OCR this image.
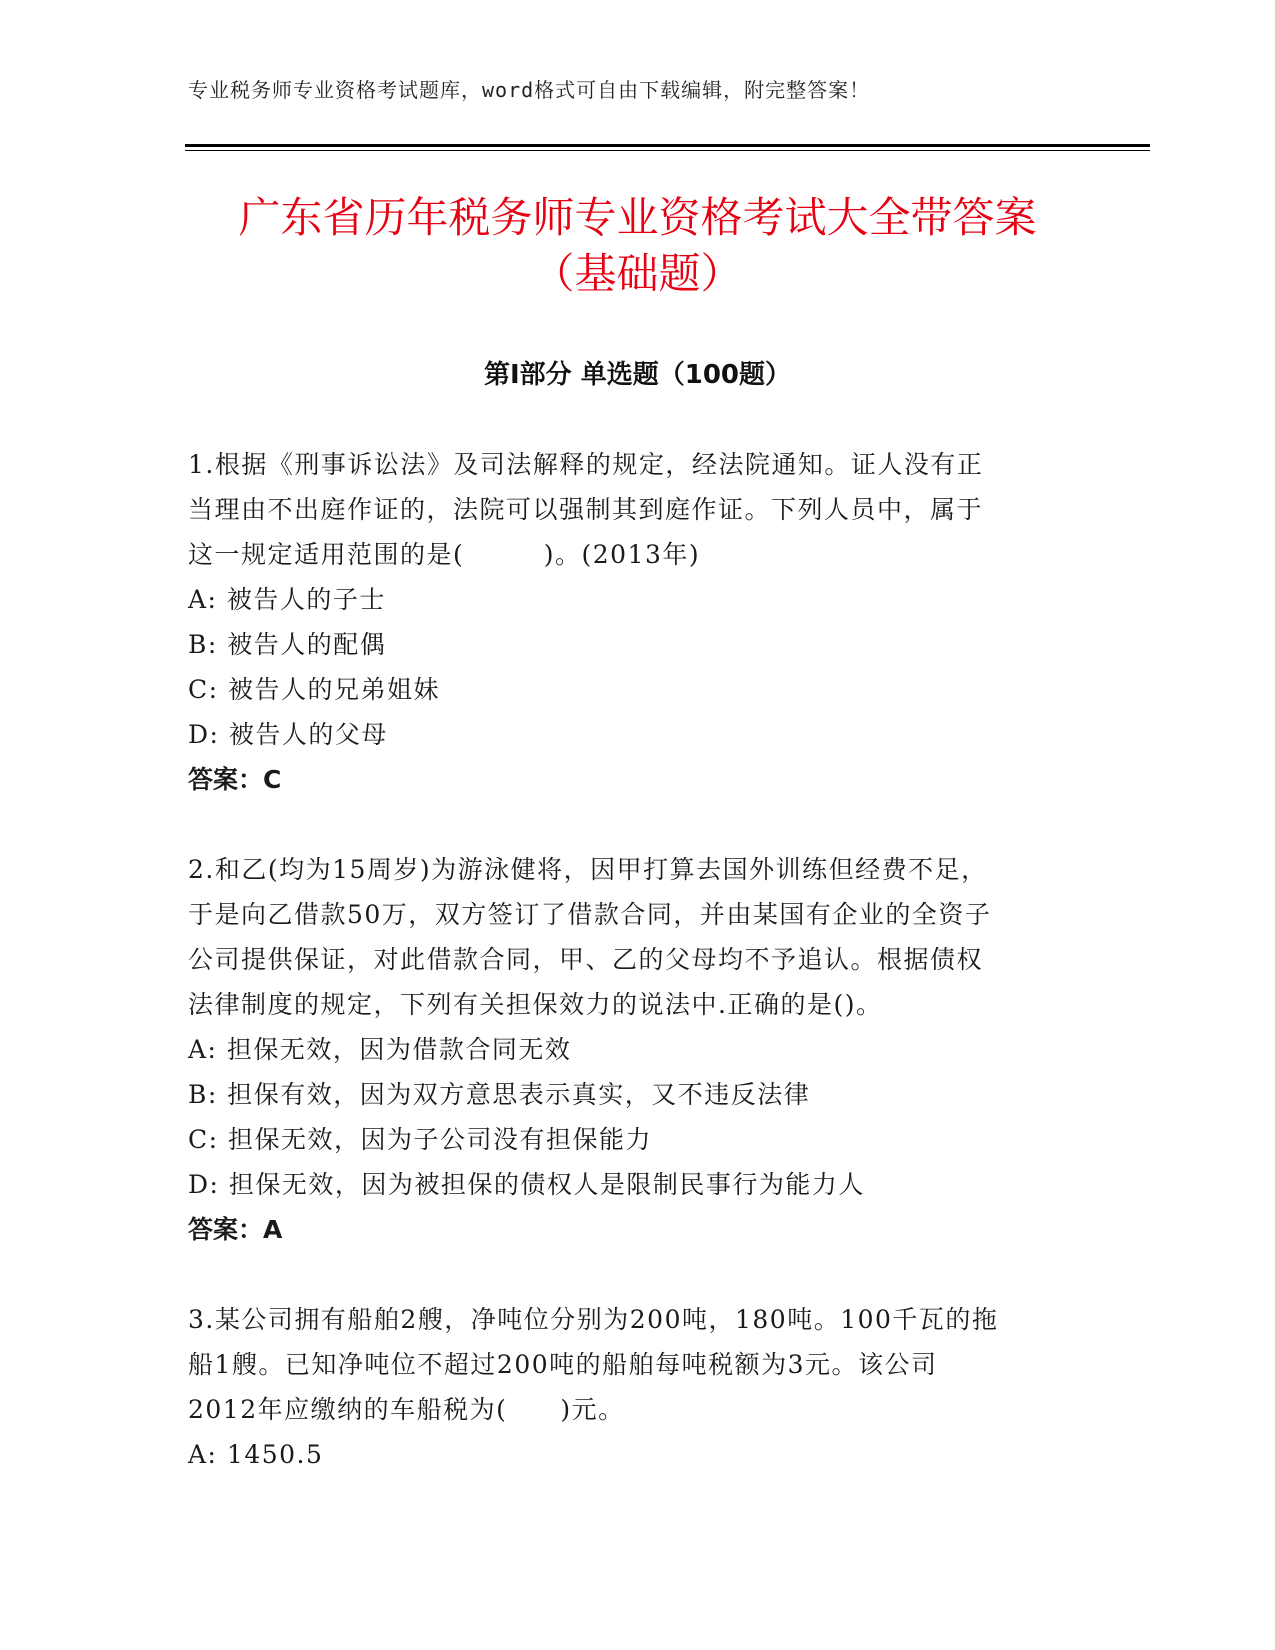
专业税务师专业资格考试题库，word格式可自由下载编辑，附完整答案！
广东省历年税务师专业资格考试大全带答案
（基础题）
第Ⅰ部分 单选题（100题）

1.根据《刑事诉讼法》及司法解释的规定，经法院通知。证人没有正

当理由不出庭作证的，法院可以强制其到庭作证。下列人员中，属于

这一规定适用范围的是(　　　)。(2013年)

A: 被告人的子士

B: 被告人的配偶

C: 被告人的兄弟姐妹

D: 被告人的父母

答案：C

2.和乙(均为15周岁)为游泳健将，因甲打算去国外训练但经费不足，

于是向乙借款50万，双方签订了借款合同，并由某国有企业的全资子

公司提供保证，对此借款合同，甲、乙的父母均不予追认。根据债权

法律制度的规定，下列有关担保效力的说法中.正确的是()。

A: 担保无效，因为借款合同无效

B: 担保有效，因为双方意思表示真实，又不违反法律

C: 担保无效，因为子公司没有担保能力

D: 担保无效，因为被担保的债权人是限制民事行为能力人

答案：A

3.某公司拥有船舶2艘，净吨位分别为200吨，180吨。100千瓦的拖

船1艘。已知净吨位不超过200吨的船舶每吨税额为3元。该公司

2012年应缴纳的车船税为(　　)元。

A: 1450.5
